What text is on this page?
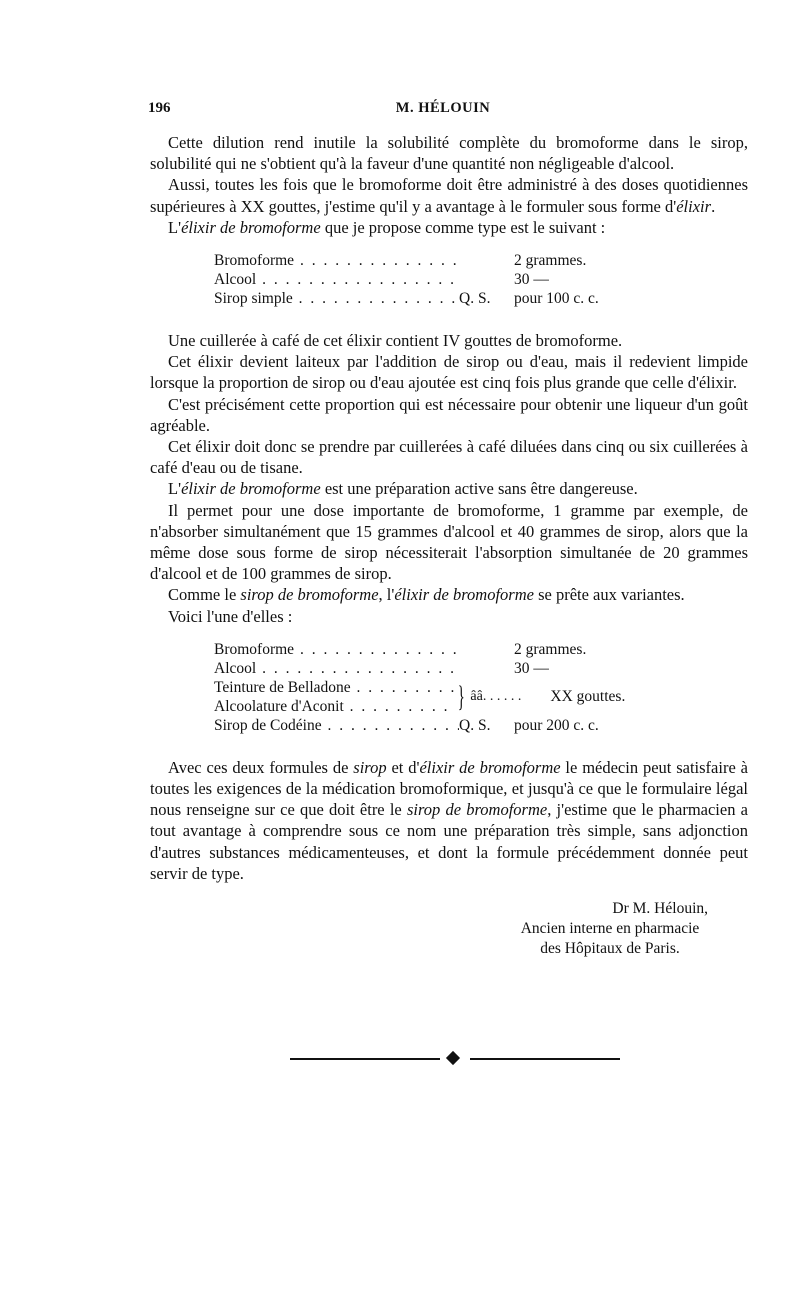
196	M. HÉLOUIN

Cette dilution rend inutile la solubilité complète du bromoforme dans le sirop, solubilité qui ne s'obtient qu'à la faveur d'une quantité non négligeable d'alcool.

Aussi, toutes les fois que le bromoforme doit être administré à des doses quotidiennes supérieures à XX gouttes, j'estime qu'il y a avantage à le formuler sous forme d'élixir.

L'élixir de bromoforme que je propose comme type est le suivant :

Bromoforme . . .	2 grammes.
Alcool . . .	30 —
Sirop simple . . .	Q. S.	pour 100 c. c.

Une cuillerée à café de cet élixir contient IV gouttes de bromoforme.

Cet élixir devient laiteux par l'addition de sirop ou d'eau, mais il redevient limpide lorsque la proportion de sirop ou d'eau ajoutée est cinq fois plus grande que celle d'élixir.

C'est précisément cette proportion qui est nécessaire pour obtenir une liqueur d'un goût agréable.

Cet élixir doit donc se prendre par cuillerées à café diluées dans cinq ou six cuillerées à café d'eau ou de tisane.

L'élixir de bromoforme est une préparation active sans être dangereuse.

Il permet pour une dose importante de bromoforme, 1 gramme par exemple, de n'absorber simultanément que 15 grammes d'alcool et 40 grammes de sirop, alors que la même dose sous forme de sirop nécessiterait l'absorption simultanée de 20 grammes d'alcool et de 100 grammes de sirop.

Comme le sirop de bromoforme, l'élixir de bromoforme se prête aux variantes.

Voici l'une d'elles :

Bromoforme . . .	2 grammes.
Alcool . . .	30 —
Teinture de Belladone . . .
Alcoolature d'Aconit . . .	} ââ. . . . . .	XX gouttes.
Sirop de Codéine . . .	Q. S.	pour 200 c. c.

Avec ces deux formules de sirop et d'élixir de bromoforme le médecin peut satisfaire à toutes les exigences de la médication bromoformique, et jusqu'à ce que le formulaire légal nous renseigne sur ce que doit être le sirop de bromoforme, j'estime que le pharmacien a tout avantage à comprendre sous ce nom une préparation très simple, sans adjonction d'autres substances médicamenteuses, et dont la formule précédemment donnée peut servir de type.

Dr M. Hélouin,
Ancien interne en pharmacie
des Hôpitaux de Paris.
